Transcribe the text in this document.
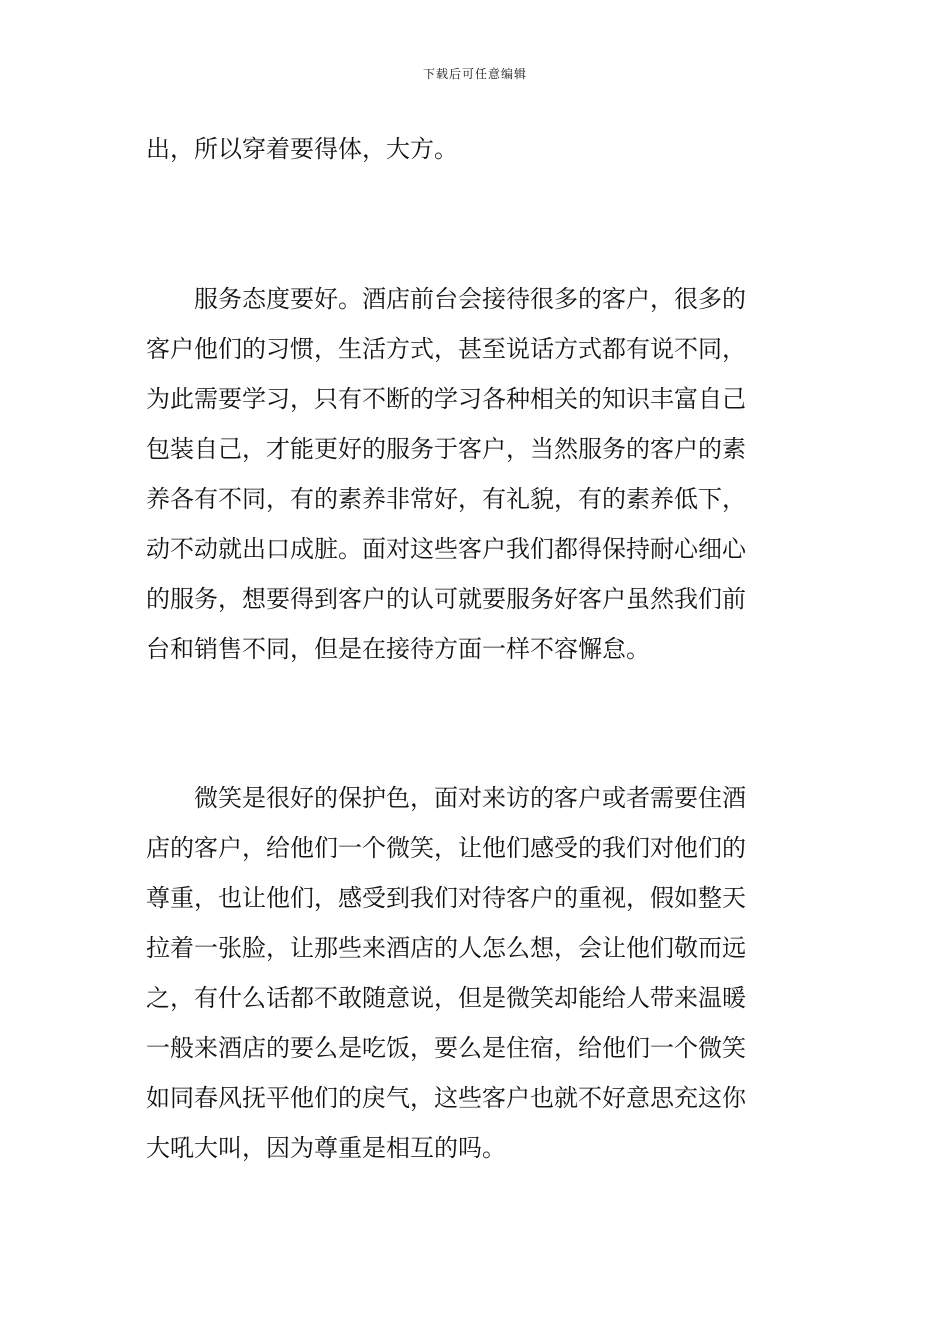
下载后可任意编辑
出，所以穿着要得体，大方。
　　服务态度要好。酒店前台会接待很多的客户，很多的
客户他们的习惯，生活方式，甚至说话方式都有说不同，
为此需要学习，只有不断的学习各种相关的知识丰富自己
包装自己，才能更好的服务于客户，当然服务的客户的素
养各有不同，有的素养非常好，有礼貌，有的素养低下，
动不动就出口成脏。面对这些客户我们都得保持耐心细心
的服务，想要得到客户的认可就要服务好客户虽然我们前
台和销售不同，但是在接待方面一样不容懈怠。
　　微笑是很好的保护色，面对来访的客户或者需要住酒
店的客户，给他们一个微笑，让他们感受的我们对他们的
尊重，也让他们，感受到我们对待客户的重视，假如整天
拉着一张脸，让那些来酒店的人怎么想，会让他们敬而远
之，有什么话都不敢随意说，但是微笑却能给人带来温暖
一般来酒店的要么是吃饭，要么是住宿，给他们一个微笑
如同春风抚平他们的戾气，这些客户也就不好意思充这你
大吼大叫，因为尊重是相互的吗。
